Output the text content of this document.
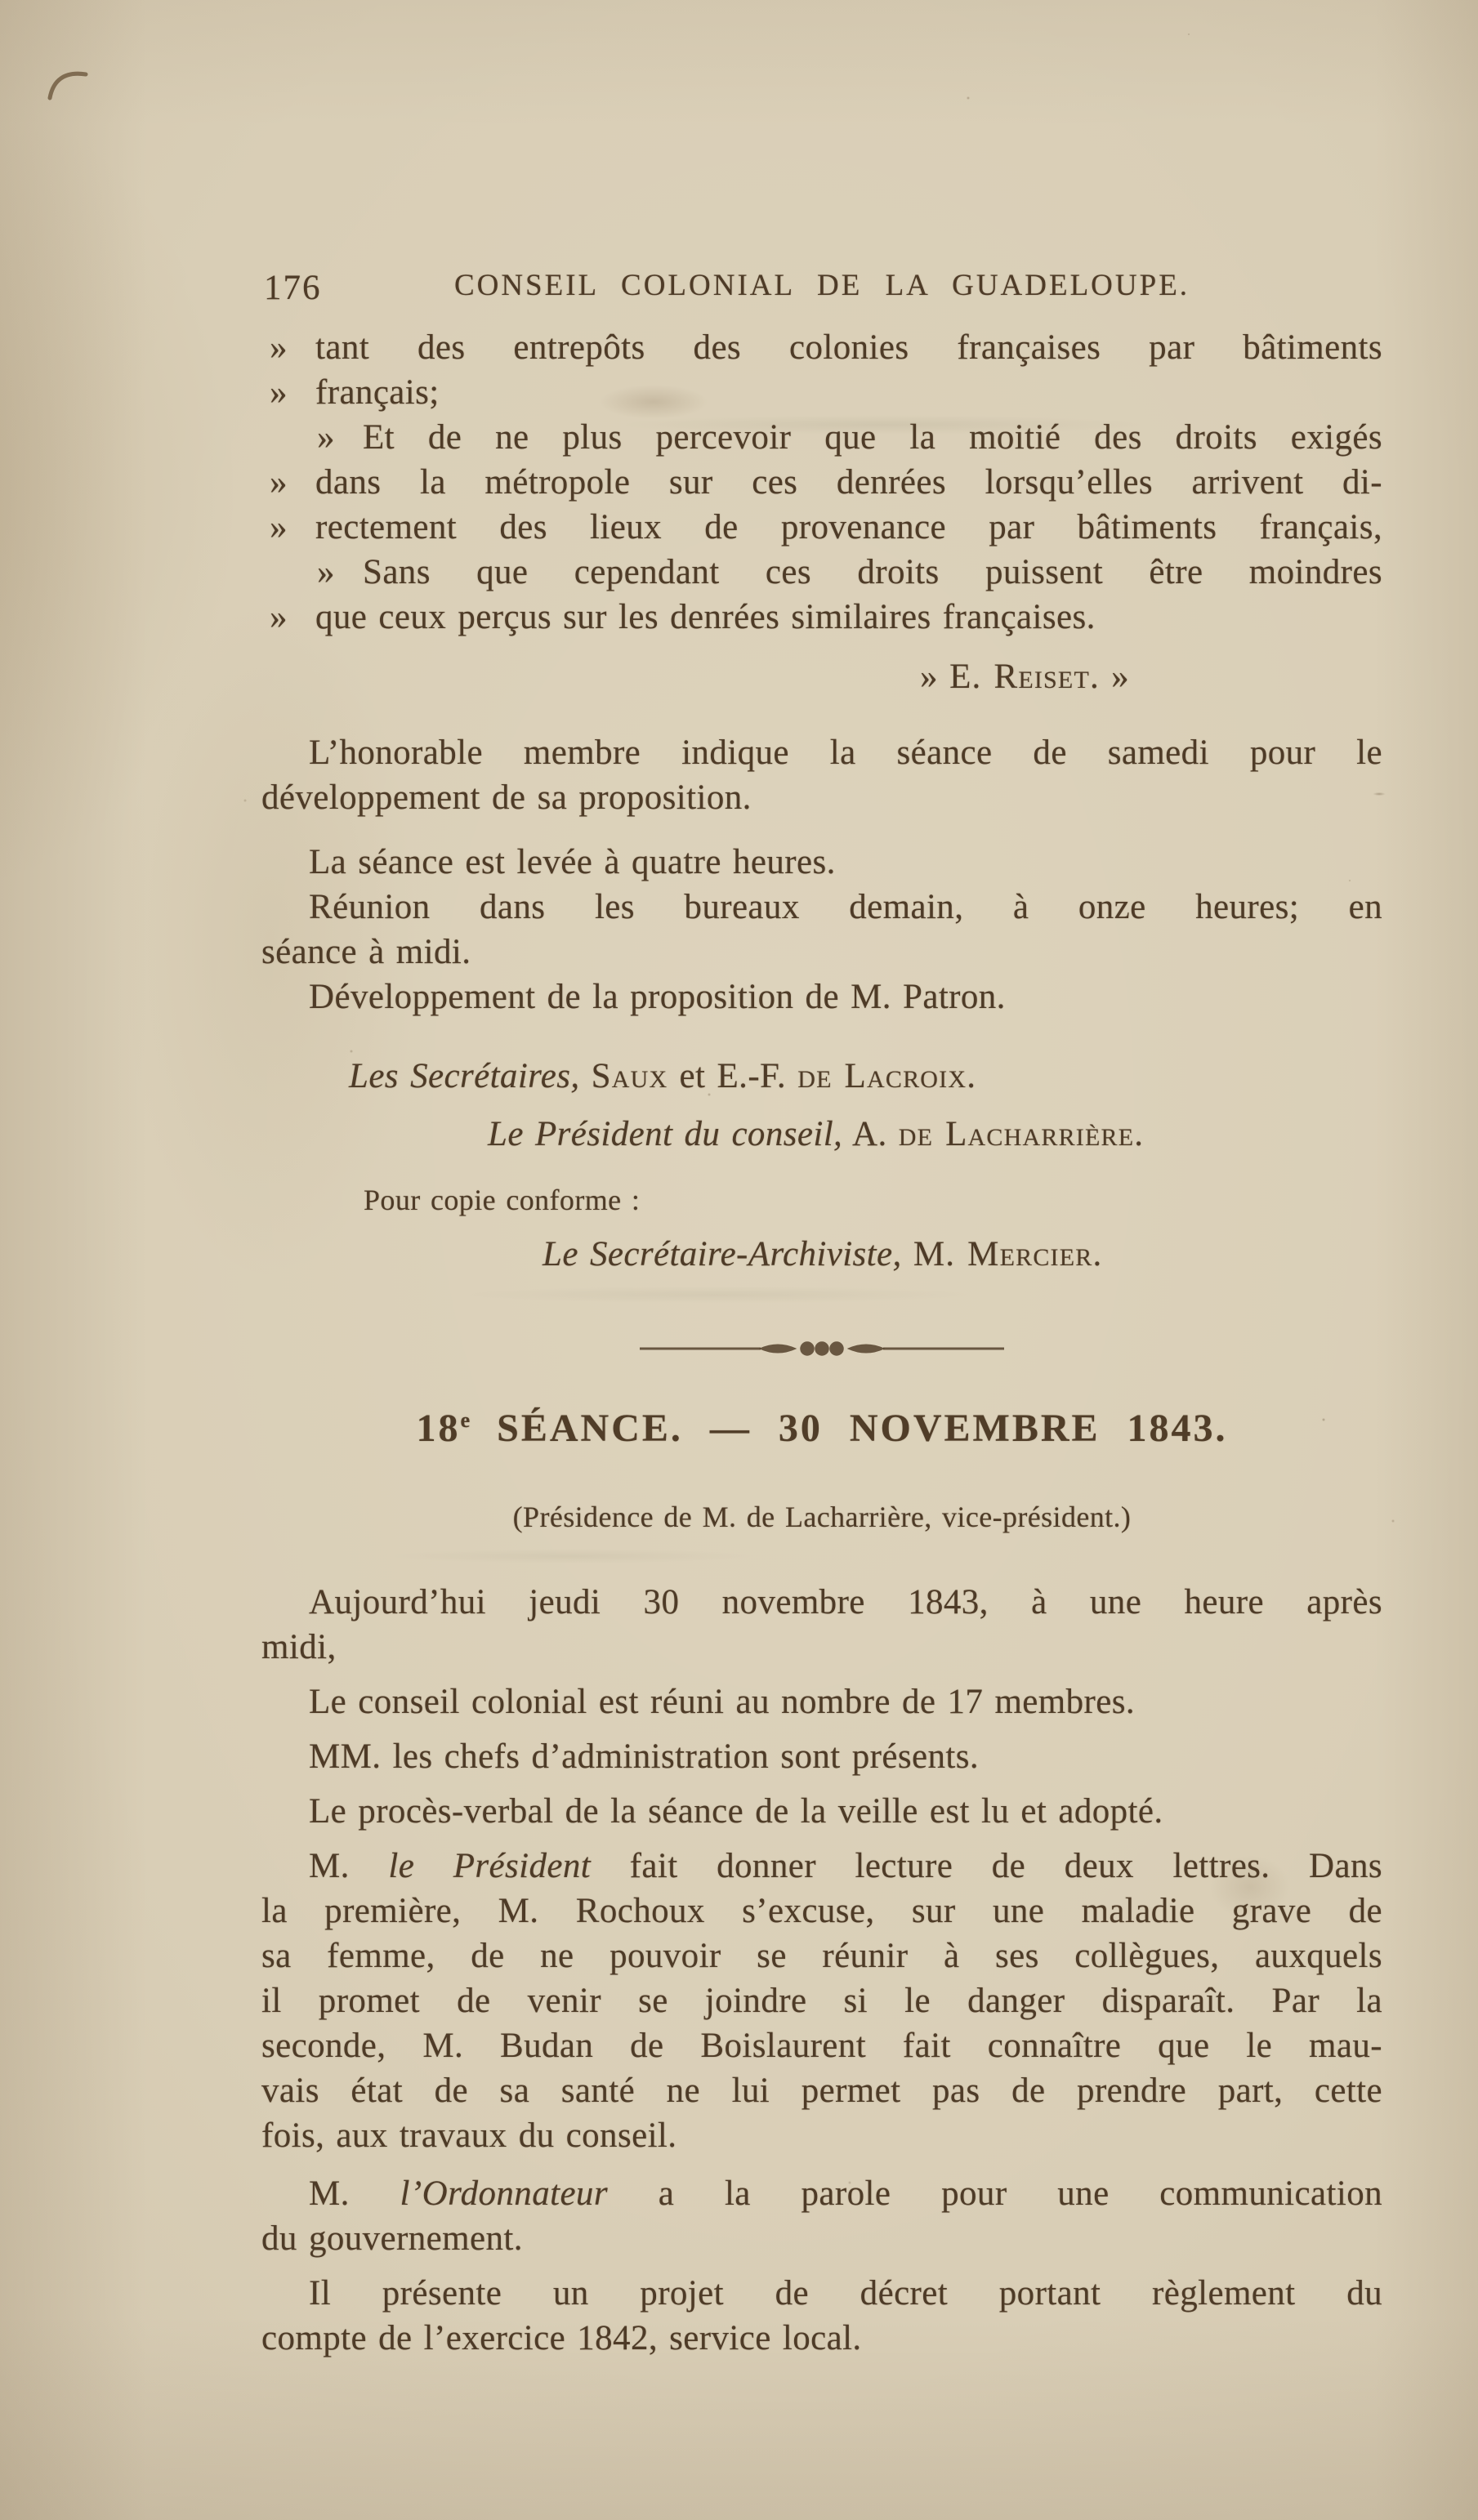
176	CONSEIL COLONIAL DE LA GUADELOUPE.
» tant des entrepôts des colonies françaises par bâtiments
» français;
» Et de ne plus percevoir que la moitié des droits exigés
» dans la métropole sur ces denrées lorsqu’elles arrivent di-
» rectement des lieux de provenance par bâtiments français,
» Sans que cependant ces droits puissent être moindres
» que ceux perçus sur les denrées similaires françaises.
» E. Reiset. »
L’honorable membre indique la séance de samedi pour le
développement de sa proposition.
La séance est levée à quatre heures.
Réunion dans les bureaux demain, à onze heures; en
séance à midi.
Développement de la proposition de M. Patron.
Les Secrétaires, Saux et E.-F. de Lacroix.
Le Président du conseil, A. de Lacharrière.
Pour copie conforme :
Le Secrétaire-Archiviste, M. Mercier.
18e SÉANCE. — 30 NOVEMBRE 1843.
(Présidence de M. de Lacharrière, vice-président.)
Aujourd’hui jeudi 30 novembre 1843, à une heure après
midi,
Le conseil colonial est réuni au nombre de 17 membres.
MM. les chefs d’administration sont présents.
Le procès-verbal de la séance de la veille est lu et adopté.
M. le Président fait donner lecture de deux lettres. Dans
la première, M. Rochoux s’excuse, sur une maladie grave de
sa femme, de ne pouvoir se réunir à ses collègues, auxquels
il promet de venir se joindre si le danger disparaît. Par la
seconde, M. Budan de Boislaurent fait connaître que le mau-
vais état de sa santé ne lui permet pas de prendre part, cette
fois, aux travaux du conseil.
M. l’Ordonnateur a la parole pour une communication
du gouvernement.
Il présente un projet de décret portant règlement du
compte de l’exercice 1842, service local.
